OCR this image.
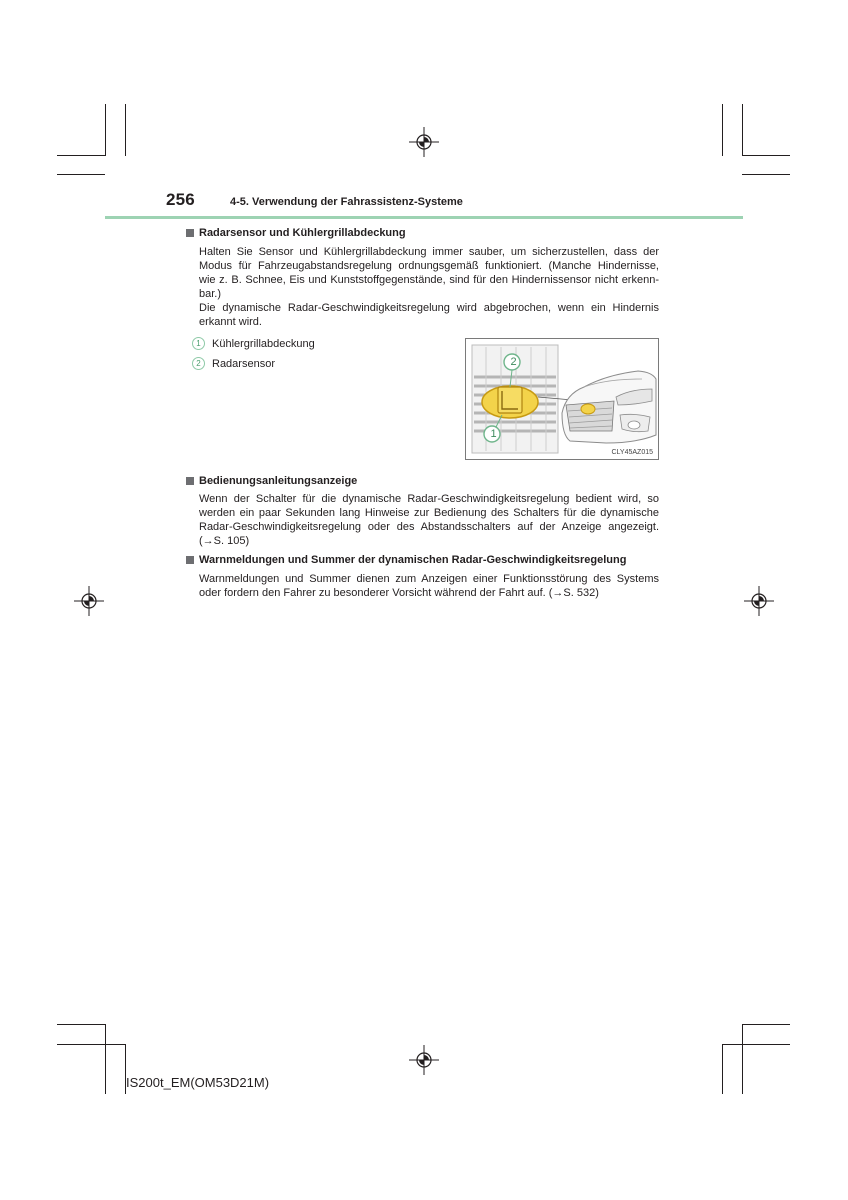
256	4-5. Verwendung der Fahrassistenz-Systeme
Radarsensor und Kühlergrillabdeckung
Halten Sie Sensor und Kühlergrillabdeckung immer sauber, um sicherzustellen, dass der
Modus für Fahrzeugabstandsregelung ordnungsgemäß funktioniert. (Manche Hindernisse,
wie z. B. Schnee, Eis und Kunststoffgegenstände, sind für den Hindernissensor nicht erkenn-
bar.)
Die dynamische Radar-Geschwindigkeitsregelung wird abgebrochen, wenn ein Hindernis
erkannt wird.
1	Kühlergrillabdeckung
2	Radarsensor	2
1
CLY45AZ015
Bedienungsanleitungsanzeige
Wenn der Schalter für die dynamische Radar-Geschwindigkeitsregelung bedient wird, so
werden ein paar Sekunden lang Hinweise zur Bedienung des Schalters für die dynamische
Radar-Geschwindigkeitsregelung oder des Abstandsschalters auf der Anzeige angezeigt.
(→S. 105)
Warnmeldungen und Summer der dynamischen Radar-Geschwindigkeitsregelung
Warnmeldungen und Summer dienen zum Anzeigen einer Funktionsstörung des Systems
oder fordern den Fahrer zu besonderer Vorsicht während der Fahrt auf. (→S. 532)
IS200t_EM(OM53D21M)
